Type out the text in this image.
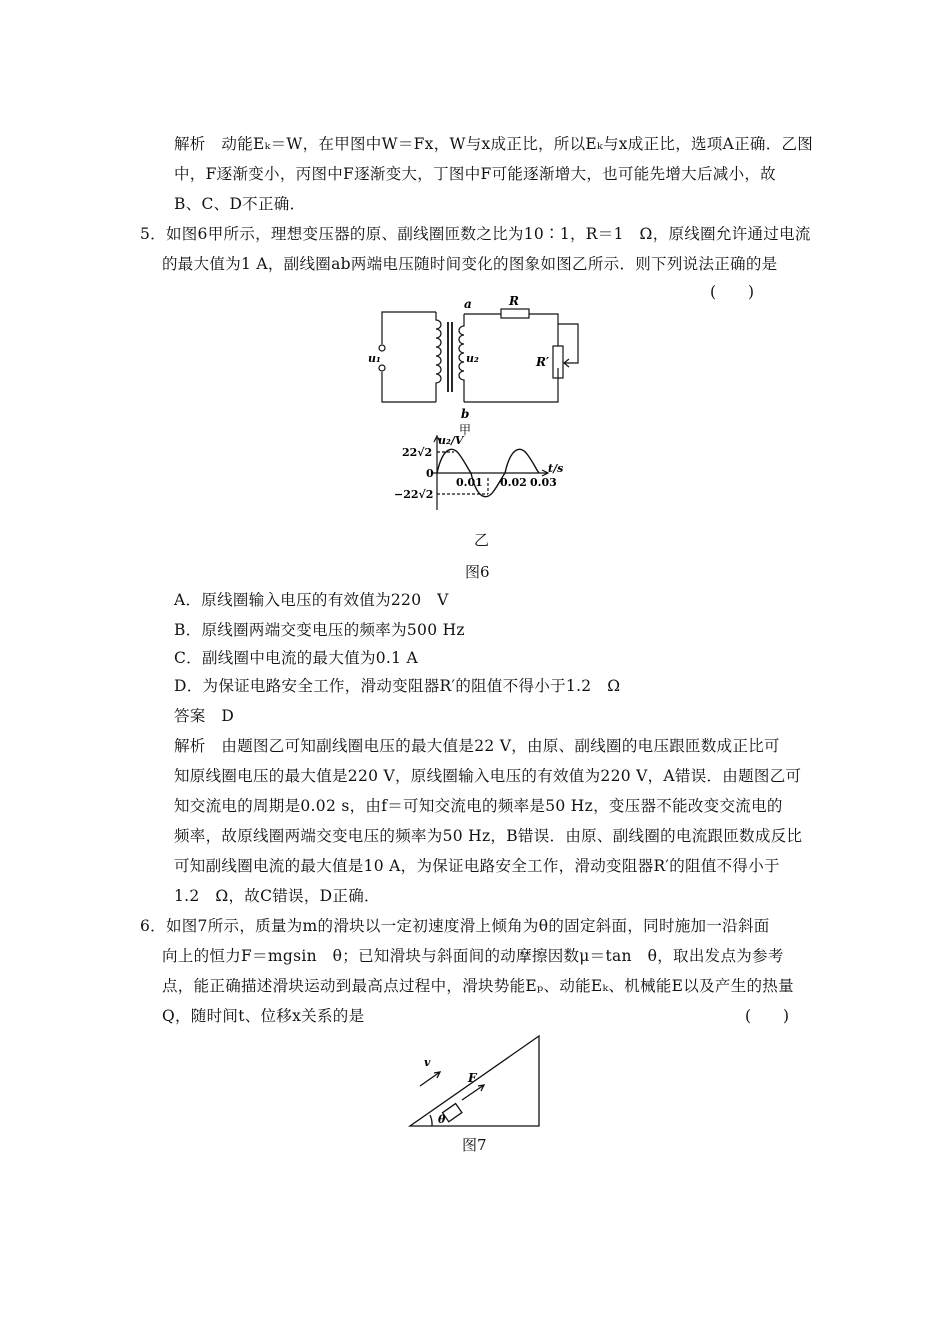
解析　动能Eₖ＝W，在甲图中W＝Fx，W与x成正比，所以Eₖ与x成正比，选项A正确．乙图
中，F逐渐变小，丙图中F逐渐变大，丁图中F可能逐渐增大，也可能先增大后减小，故
B、C、D不正确．
5．如图6甲所示，理想变压器的原、副线圈匝数之比为10∶1，R＝1　Ω，原线圈允许通过电流
的最大值为1 A，副线圈ab两端电压随时间变化的图象如图乙所示．则下列说法正确的是
(　　)
a	R
R′
u₁	u₂
b
甲
u₂/V
22√2
0
−22√2
t/s
0.01 0.02 0.03
乙
图6
A．原线圈输入电压的有效值为220　V
B．原线圈两端交变电压的频率为500 Hz
C．副线圈中电流的最大值为0.1 A
D．为保证电路安全工作，滑动变阻器R′的阻值不得小于1.2　Ω
答案　D
解析　由题图乙可知副线圈电压的最大值是22 V，由原、副线圈的电压跟匝数成正比可
知原线圈电压的最大值是220 V，原线圈输入电压的有效值为220 V，A错误．由题图乙可
知交流电的周期是0.02 s，由f＝可知交流电的频率是50 Hz，变压器不能改变交流电的
频率，故原线圈两端交变电压的频率为50 Hz，B错误．由原、副线圈的电流跟匝数成反比
可知副线圈电流的最大值是10 A，为保证电路安全工作，滑动变阻器R′的阻值不得小于
1.2　Ω，故C错误，D正确．
6．如图7所示，质量为m的滑块以一定初速度滑上倾角为θ的固定斜面，同时施加一沿斜面
向上的恒力F＝mgsin　θ；已知滑块与斜面间的动摩擦因数μ＝tan　θ，取出发点为参考
点，能正确描述滑块运动到最高点过程中，滑块势能Eₚ、动能Eₖ、机械能E以及产生的热量
Q，随时间t、位移x关系的是	(　　)
v
F
θ
图7
